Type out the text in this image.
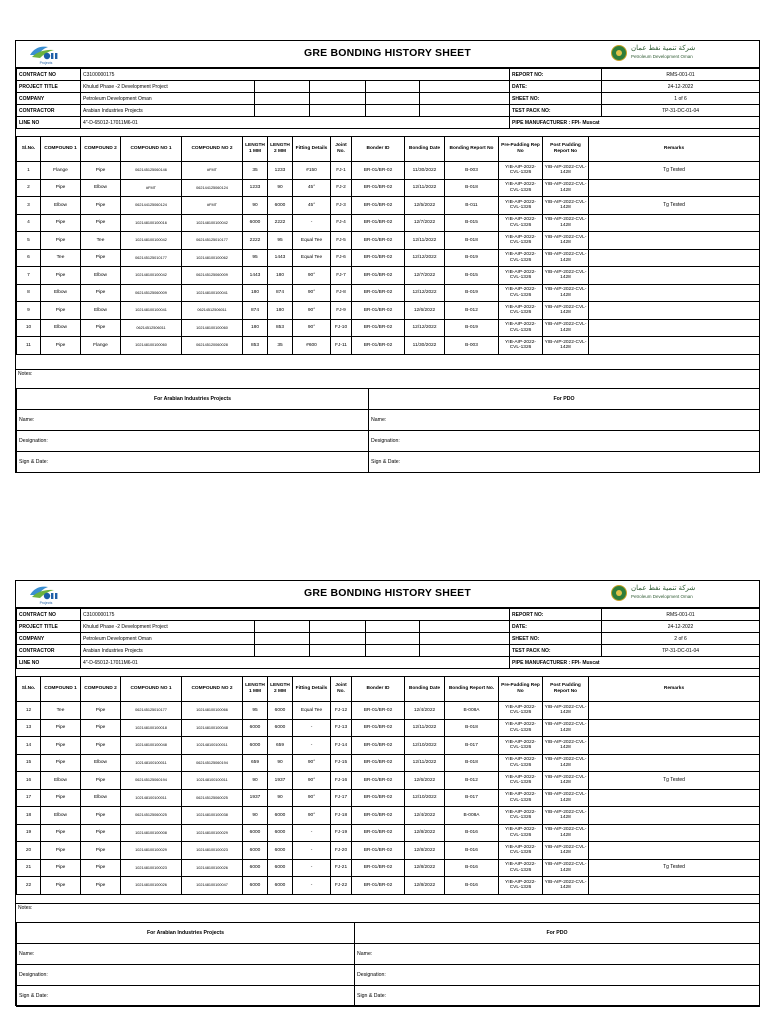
Projects
GRE BONDING HISTORY SHEET	شركة تنمية نفط عمان
Petroleum Development Oman
CONTRACT NO	C3100000175					REPORT NO:	RMS-001-01
PROJECT TITLE	Khulud Phase -2 Development Project					DATE:	24-12-2022
COMPANY	Petroleum Development Oman					SHEET NO:	1 of 6
CONTRACTOR	Arabian Industries Projects					TEST PACK NO:	TP-31-DC-01-04
LINE NO	4"-D-65012-17011M6-01					PIPE MANUFACTURER : FPI- Muscat	
Sl.No.	COMPOUND 1	COMPOUND 2	COMPOUND NO 1	COMPOUND NO 2	LENGTH 1 MM	LENGTH 2 MM	Fitting Details	Joint No.	Bonder ID	Bonding Date	Bonding Report No	Pre-Padding Rep No	Post Padding Report No	Remarks
1	Flange	Pipe	06214512506014​6	#FMT	35	1233	#150	FJ-1	BR-01/BR-02	11/30/2022	B-003	YIB-AIP-2022-CVL-1326	YIB-AIP-2022-CVL-1428	Tg Tested
2	Pipe	Elbow	#FMT	06214412506012​4	1233	90	45°	FJ-2	BR-01/BR-02	12/11/2022	B-018	YIB-AIP-2022-CVL-1326	YIB-AIP-2022-CVL-1428	
3	Elbow	Pipe	06214412506012​4	#FMT	90	6000	45°	FJ-3	BR-01/BR-02	12/5/2022	B-011	YIB-AIP-2022-CVL-1326	YIB-AIP-2022-CVL-1428	Tg Tested
4	Pipe	Pipe	10214810010001​6	10214810010004​2	6000	2222	-	FJ-4	BR-01/BR-02	12/7/2022	B-015	YIB-AIP-2022-CVL-1326	YIB-AIP-2022-CVL-1428	
5	Pipe	Tee	10214810010004​2	06214512501017​7	2222	95	Equal Tee	FJ-5	BR-01/BR-02	12/11/2022	B-018	YIB-AIP-2022-CVL-1326	YIB-AIP-2022-CVL-1428	
6	Tee	Pipe	06214512501017​7	10214810010006​2	95	1443	Equal Tee	FJ-6	BR-01/BR-02	12/12/2022	B-019	YIB-AIP-2022-CVL-1326	YIB-AIP-2022-CVL-1428	
7	Pipe	Elbow	10214810010004​2	06214512506000​9	1443	180	90°	FJ-7	BR-01/BR-02	12/7/2022	B-015	YIB-AIP-2022-CVL-1326	YIB-AIP-2022-CVL-1428	
8	Elbow	Pipe	06214512506000​9	10214810010004​1	180	874	90°	FJ-8	BR-01/BR-02	12/12/2022	B-019	YIB-AIP-2022-CVL-1326	YIB-AIP-2022-CVL-1428	
9	Pipe	Elbow	10214810010004​1	06214512506011	874	180	90°	FJ-9	BR-01/BR-02	12/6/2022	B-012	YIB-AIP-2022-CVL-1326	YIB-AIP-2022-CVL-1428	
10	Elbow	Pipe	06214512506011	10214810010006​0	180	853	90°	FJ-10	BR-01/BR-02	12/12/2022	B-019	YIB-AIP-2022-CVL-1326	YIB-AIP-2022-CVL-1428	
11	Pipe	Flange	10214810010006​0	06214512006002​8	853	35	#600	FJ-11	BR-01/BR-02	11/30/2022	B-003	YIB-AIP-2022-CVL-1326	YIB-AIP-2022-CVL-1428	
Notes:
For Arabian Industries Projects	For PDO
Name:	Name:
Designation:	Designation:
Sign & Date:	Sign & Date:
Projects
GRE BONDING HISTORY SHEET	شركة تنمية نفط عمان
Petroleum Development Oman
CONTRACT NO	C3100000175					REPORT NO:	RMS-001-01
PROJECT TITLE	Khulud Phase -2 Development Project					DATE:	24-12-2022
COMPANY	Petroleum Development Oman					SHEET NO:	2 of 6
CONTRACTOR	Arabian Industries Projects					TEST PACK NO:	TP-31-DC-01-04
LINE NO	4"-D-65012-17011M6-01					PIPE MANUFACTURER : FPI- Muscat	
Sl.No.	COMPOUND 1	COMPOUND 2	COMPOUND NO 1	COMPOUND NO 2	LENGTH 1 MM	LENGTH 2 MM	Fitting Details	Joint No.	Bonder ID	Bonding Date	Bonding Report No.	Pre-Padding Rep No	Post Padding Report No	Remarks
12	Tee	Pipe	06214512501017​7	10214810010006​6	95	6000	Equal Tee	FJ-12	BR-01/BR-02	12/4/2022	B-008A	YIB-AIP-2022-CVL-1326	YIB-AIP-2022-CVL-1428	
13	Pipe	Pipe	10214810010001​8	10214810010004​8	6000	6000	-	FJ-13	BR-01/BR-02	12/11/2022	B-018	YIB-AIP-2022-CVL-1326	YIB-AIP-2022-CVL-1428	
14	Pipe	Pipe	10214810010004​8	10214810010001​1	6000	659	-	FJ-14	BR-01/BR-02	12/10/2022	B-017	YIB-AIP-2022-CVL-1326	YIB-AIP-2022-CVL-1428	
15	Pipe	Elbow	10214810010001​1	06214512506019​4	659	90	90°	FJ-15	BR-01/BR-02	12/11/2022	B-018	YIB-AIP-2022-CVL-1326	YIB-AIP-2022-CVL-1428	
16	Elbow	Pipe	06214512506019​4	10214810010001​1	90	1937	90°	FJ-16	BR-01/BR-02	12/6/2022	B-012	YIB-AIP-2022-CVL-1326	YIB-AIP-2022-CVL-1428	Tg Tested
17	Pipe	Elbow	10214810010001​1	06214512506002​5	1937	90	90°	FJ-17	BR-01/BR-02	12/10/2022	B-017	YIB-AIP-2022-CVL-1326	YIB-AIP-2022-CVL-1428	
18	Elbow	Pipe	06214512506002​5	10214810010003​8	90	6000	90°	FJ-18	BR-01/BR-02	12/4/2022	B-008A	YIB-AIP-2022-CVL-1326	YIB-AIP-2022-CVL-1428	
19	Pipe	Pipe	10214810010000​8	10214810010002​9	6000	6000	-	FJ-19	BR-01/BR-02	12/8/2022	B-016	YIB-AIP-2022-CVL-1326	YIB-AIP-2022-CVL-1428	
20	Pipe	Pipe	10214810010002​9	10214810010002​3	6000	6000	-	FJ-20	BR-01/BR-02	12/8/2022	B-016	YIB-AIP-2022-CVL-1326	YIB-AIP-2022-CVL-1428	
21	Pipe	Pipe	10214810010002​3	10214810010002​6	6000	6000	-	FJ-21	BR-01/BR-02	12/8/2022	B-016	YIB-AIP-2022-CVL-1326	YIB-AIP-2022-CVL-1428	Tg Tested
22	Pipe	Pipe	10214810010002​6	10214810010004​7	6000	6000	-	FJ-22	BR-01/BR-02	12/8/2022	B-016	YIB-AIP-2022-CVL-1326	YIB-AIP-2022-CVL-1428	
Notes:
For Arabian Industries Projects	For PDO
Name:	Name:
Designation:	Designation:
Sign & Date:	Sign & Date:
